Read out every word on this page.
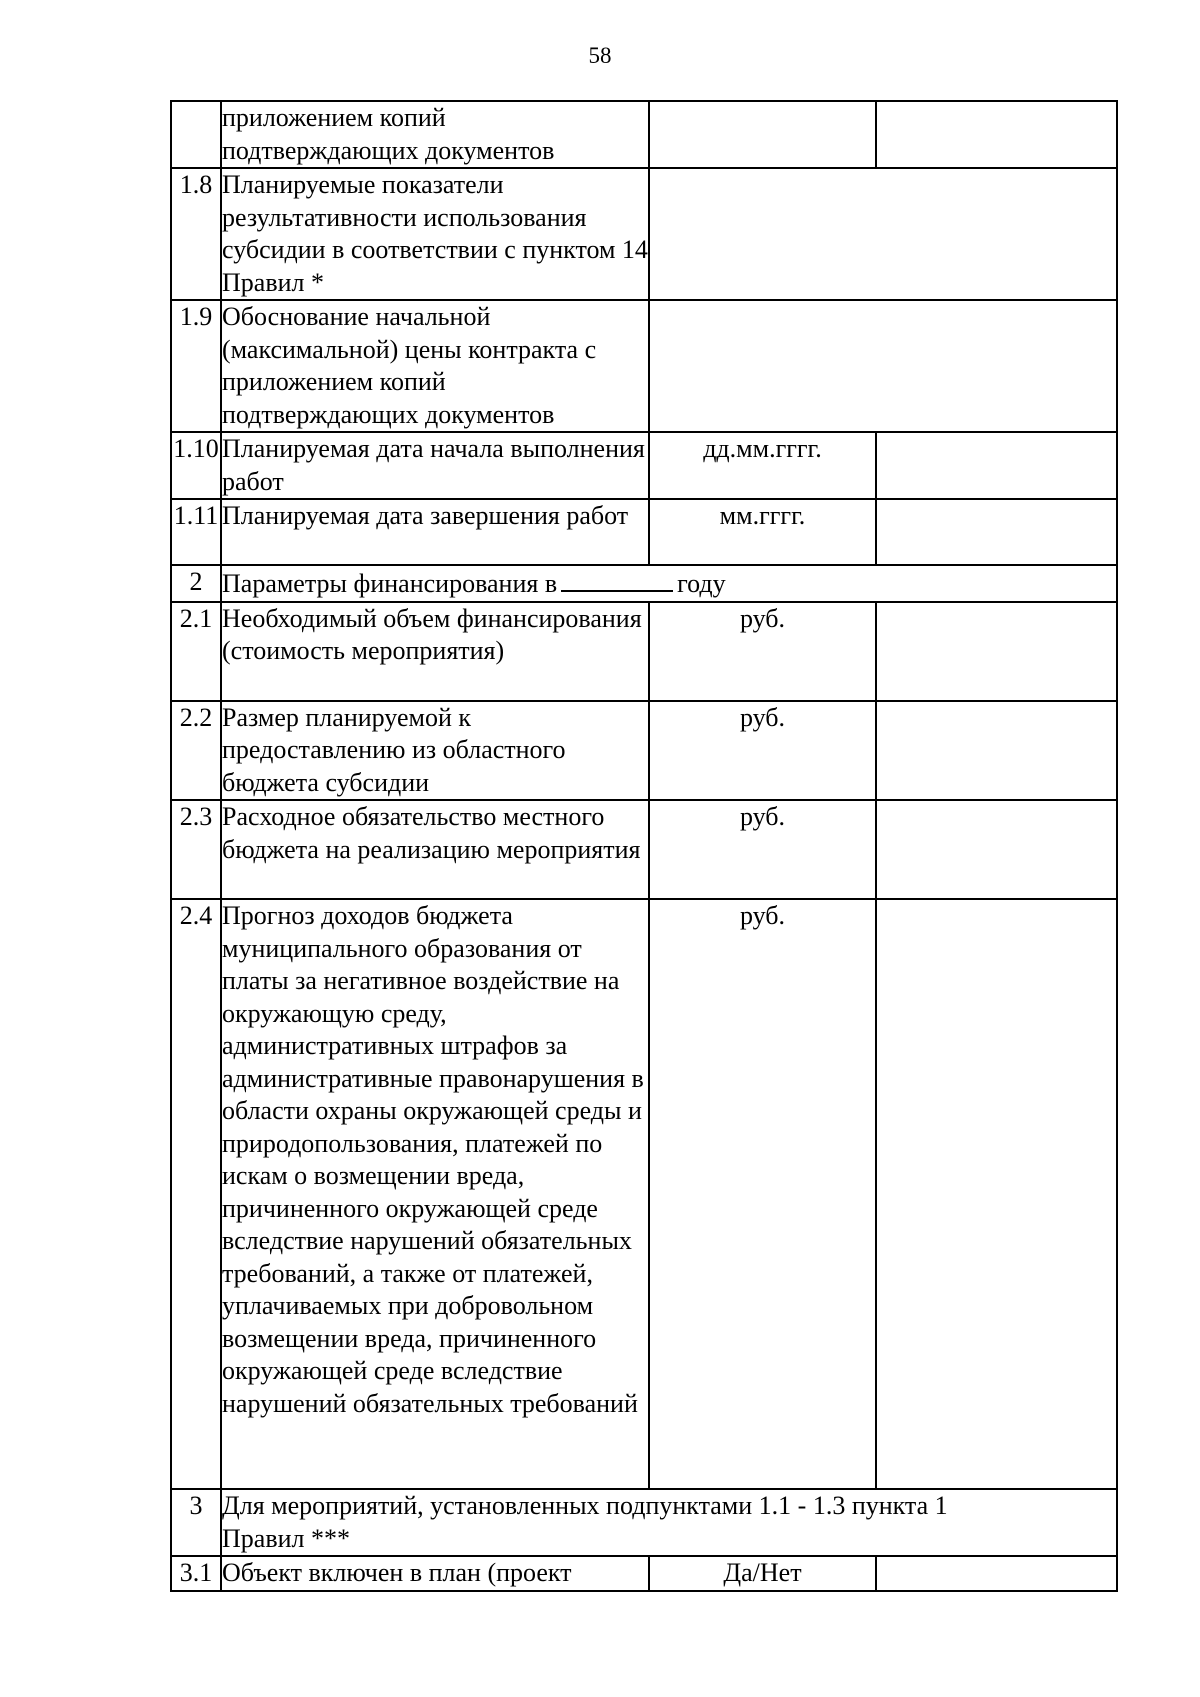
58
	приложением копий подтверждающих документов		
1.8	Планируемые показатели результативности использования субсидии в соответствии с пунктом 14 Правил *		
1.9	Обоснование начальной (максимальной) цены контракта с приложением копий подтверждающих документов		
1.10	Планируемая дата начала выполнения работ	дд.мм.гггг.	
1.11	Планируемая дата завершения работ	мм.гггг.	
2	Параметры финансирования в году		
2.1	Необходимый объем финансирования (стоимость мероприятия)	руб.	
2.2	Размер планируемой к предоставлению из областного бюджета субсидии	руб.	
2.3	Расходное обязательство местного бюджета на реализацию мероприятия	руб.	
2.4	Прогноз доходов бюджета муниципального образования от платы за негативное воздействие на окружающую среду, административных штрафов за административные правонарушения в области охраны окружающей среды и природопользования, платежей по искам о возмещении вреда, причиненного окружающей среде вследствие нарушений обязательных требований, а также от платежей, уплачиваемых при добровольном возмещении вреда, причиненного окружающей среде вследствие нарушений обязательных требований	руб.	
3	Для мероприятий, установленных подпунктами 1.1 - 1.3 пункта 1
Правил ***		

3.1	Объект включен в план (проект	Да/Нет	
